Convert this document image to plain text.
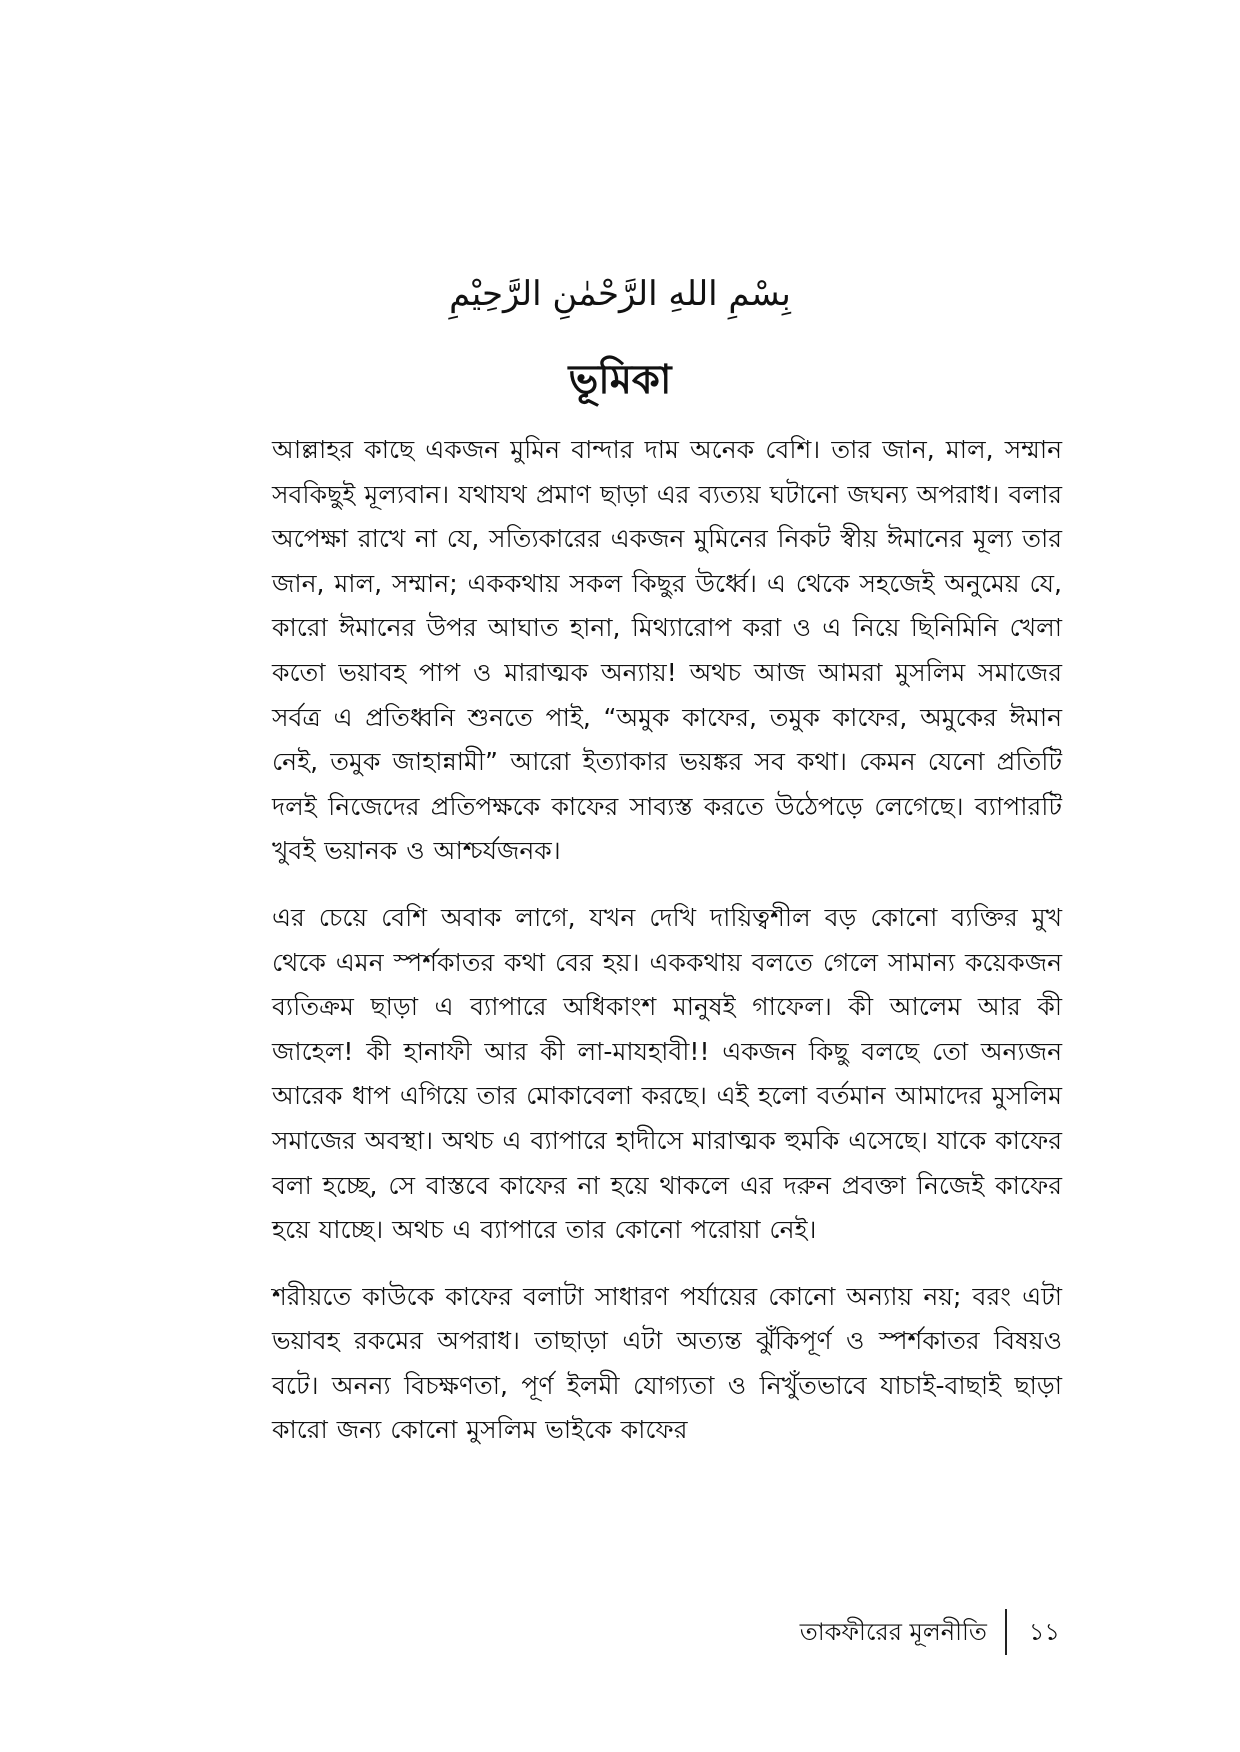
بِسْمِ اللهِ الرَّحْمٰنِ الرَّحِيْمِ
ভূমিকা

আল্লাহর কাছে একজন মুমিন বান্দার দাম অনেক বেশি। তার জান, মাল, সম্মান সবকিছুই মূল্যবান। যথাযথ প্রমাণ ছাড়া এর ব্যত্যয় ঘটানো জঘন্য অপরাধ। বলার অপেক্ষা রাখে না যে, সত্যিকারের একজন মুমিনের নিকট স্বীয় ঈমানের মূল্য তার জান, মাল, সম্মান; এককথায় সকল কিছুর উর্ধ্বে। এ থেকে সহজেই অনুমেয় যে, কারো ঈমানের উপর আঘাত হানা, মিথ্যারোপ করা ও এ নিয়ে ছিনিমিনি খেলা কতো ভয়াবহ পাপ ও মারাত্মক অন্যায়! অথচ আজ আমরা মুসলিম সমাজের সর্বত্র এ প্রতিধ্বনি শুনতে পাই, “অমুক কাফের, তমুক কাফের, অমুকের ঈমান নেই, তমুক জাহান্নামী” আরো ইত্যাকার ভয়ঙ্কর সব কথা। কেমন যেনো প্রতিটি দলই নিজেদের প্রতিপক্ষকে কাফের সাব্যস্ত করতে উঠেপড়ে লেগেছে। ব্যাপারটি খুবই ভয়ানক ও আশ্চর্যজনক।

এর চেয়ে বেশি অবাক লাগে, যখন দেখি দায়িত্বশীল বড় কোনো ব্যক্তির মুখ থেকে এমন স্পর্শকাতর কথা বের হয়। এককথায় বলতে গেলে সামান্য কয়েকজন ব্যতিক্রম ছাড়া এ ব্যাপারে অধিকাংশ মানুষই গাফেল। কী আলেম আর কী জাহেল! কী হানাফী আর কী লা-মাযহাবী!! একজন কিছু বলছে তো অন্যজন আরেক ধাপ এগিয়ে তার মোকাবেলা করছে। এই হলো বর্তমান আমাদের মুসলিম সমাজের অবস্থা। অথচ এ ব্যাপারে হাদীসে মারাত্মক হুমকি এসেছে। যাকে কাফের বলা হচ্ছে, সে বাস্তবে কাফের না হয়ে থাকলে এর দরুন প্রবক্তা নিজেই কাফের হয়ে যাচ্ছে। অথচ এ ব্যাপারে তার কোনো পরোয়া নেই।

শরীয়তে কাউকে কাফের বলাটা সাধারণ পর্যায়ের কোনো অন্যায় নয়; বরং এটা ভয়াবহ রকমের অপরাধ। তাছাড়া এটা অত্যন্ত ঝুঁকিপূর্ণ ও স্পর্শকাতর বিষয়ও বটে। অনন্য বিচক্ষণতা, পূর্ণ ইলমী যোগ্যতা ও নিখুঁতভাবে যাচাই-বাছাই ছাড়া কারো জন্য কোনো মুসলিম ভাইকে কাফের

তাকফীরের মূলনীতি	১১
